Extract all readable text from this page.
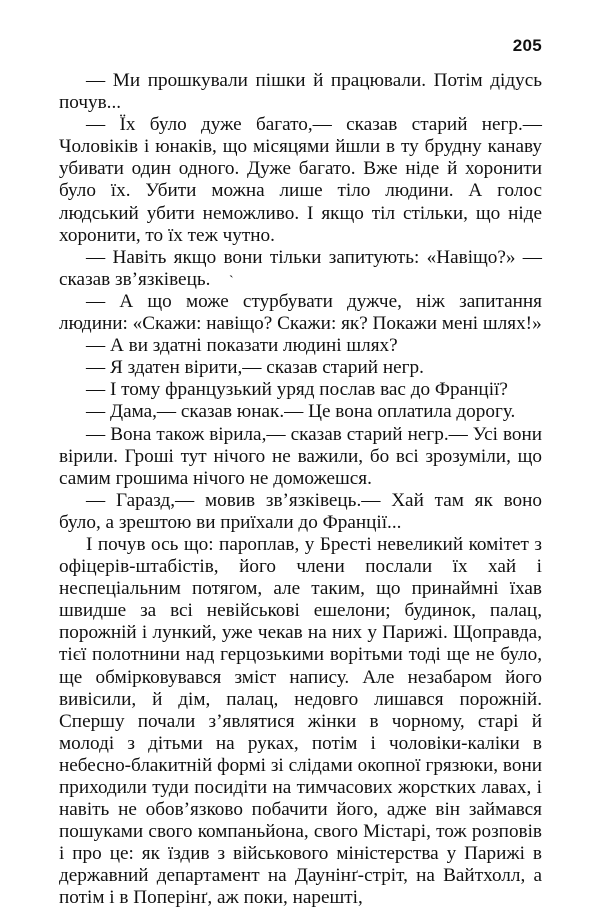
205

— Ми прошкували пішки й працювали. Потім дідусь почув...

— Їх було дуже багато,— сказав старий негр.— Чоловіків і юнаків, що місяцями йшли в ту брудну канаву убивати один одного. Дуже багато. Вже ніде й хоронити було їх. Убити можна лише тіло людини. А голос людський убити неможливо. І якщо тіл стільки, що ніде хоронити, то їх теж чутно.

— Навіть якщо вони тільки запитують: «Навіщо?» — сказав зв’язківець.

— А що може стурбувати дужче, ніж запитання людини: «Скажи: навіщо? Скажи: як? Покажи мені шлях!»

— А ви здатні показати людині шлях?

— Я здатен вірити,— сказав старий негр.

— І тому французький уряд послав вас до Франції?

— Дама,— сказав юнак.— Це вона оплатила дорогу.

— Вона також вірила,— сказав старий негр.— Усі вони вірили. Гроші тут нічого не важили, бо всі зрозуміли, що самим грошима нічого не доможешся.

— Гаразд,— мовив зв’язківець.— Хай там як воно було, а зрештою ви приїхали до Франції...

І почув ось що: пароплав, у Бресті невеликий комітет з офіцерів-штабістів, його члени послали їх хай і неспеціальним потягом, але таким, що принаймні їхав швидше за всі невійськові ешелони; будинок, палац, порожній і лункий, уже чекав на них у Парижі. Щоправда, тієї полотнини над герцозькими ворітьми тоді ще не було, ще обмірковувався зміст напису. Але незабаром його вивісили, й дім, палац, недовго лишався порожній. Спершу почали з’являтися жінки в чорному, старі й молоді з дітьми на руках, потім і чоловіки-каліки в небесно-блакитній формі зі слідами окопної грязюки, вони приходили туди посидіти на тимчасових жорстких лавах, і навіть не обов’язково побачити його, адже він займався пошуками свого компаньйона, свого Містарі, тож розповів і про це: як їздив з військового міністерства у Парижі в державний департамент на Даунінґ-стріт, на Вайтхолл, а потім і в Поперінґ, аж поки, нарешті,

ˋ
